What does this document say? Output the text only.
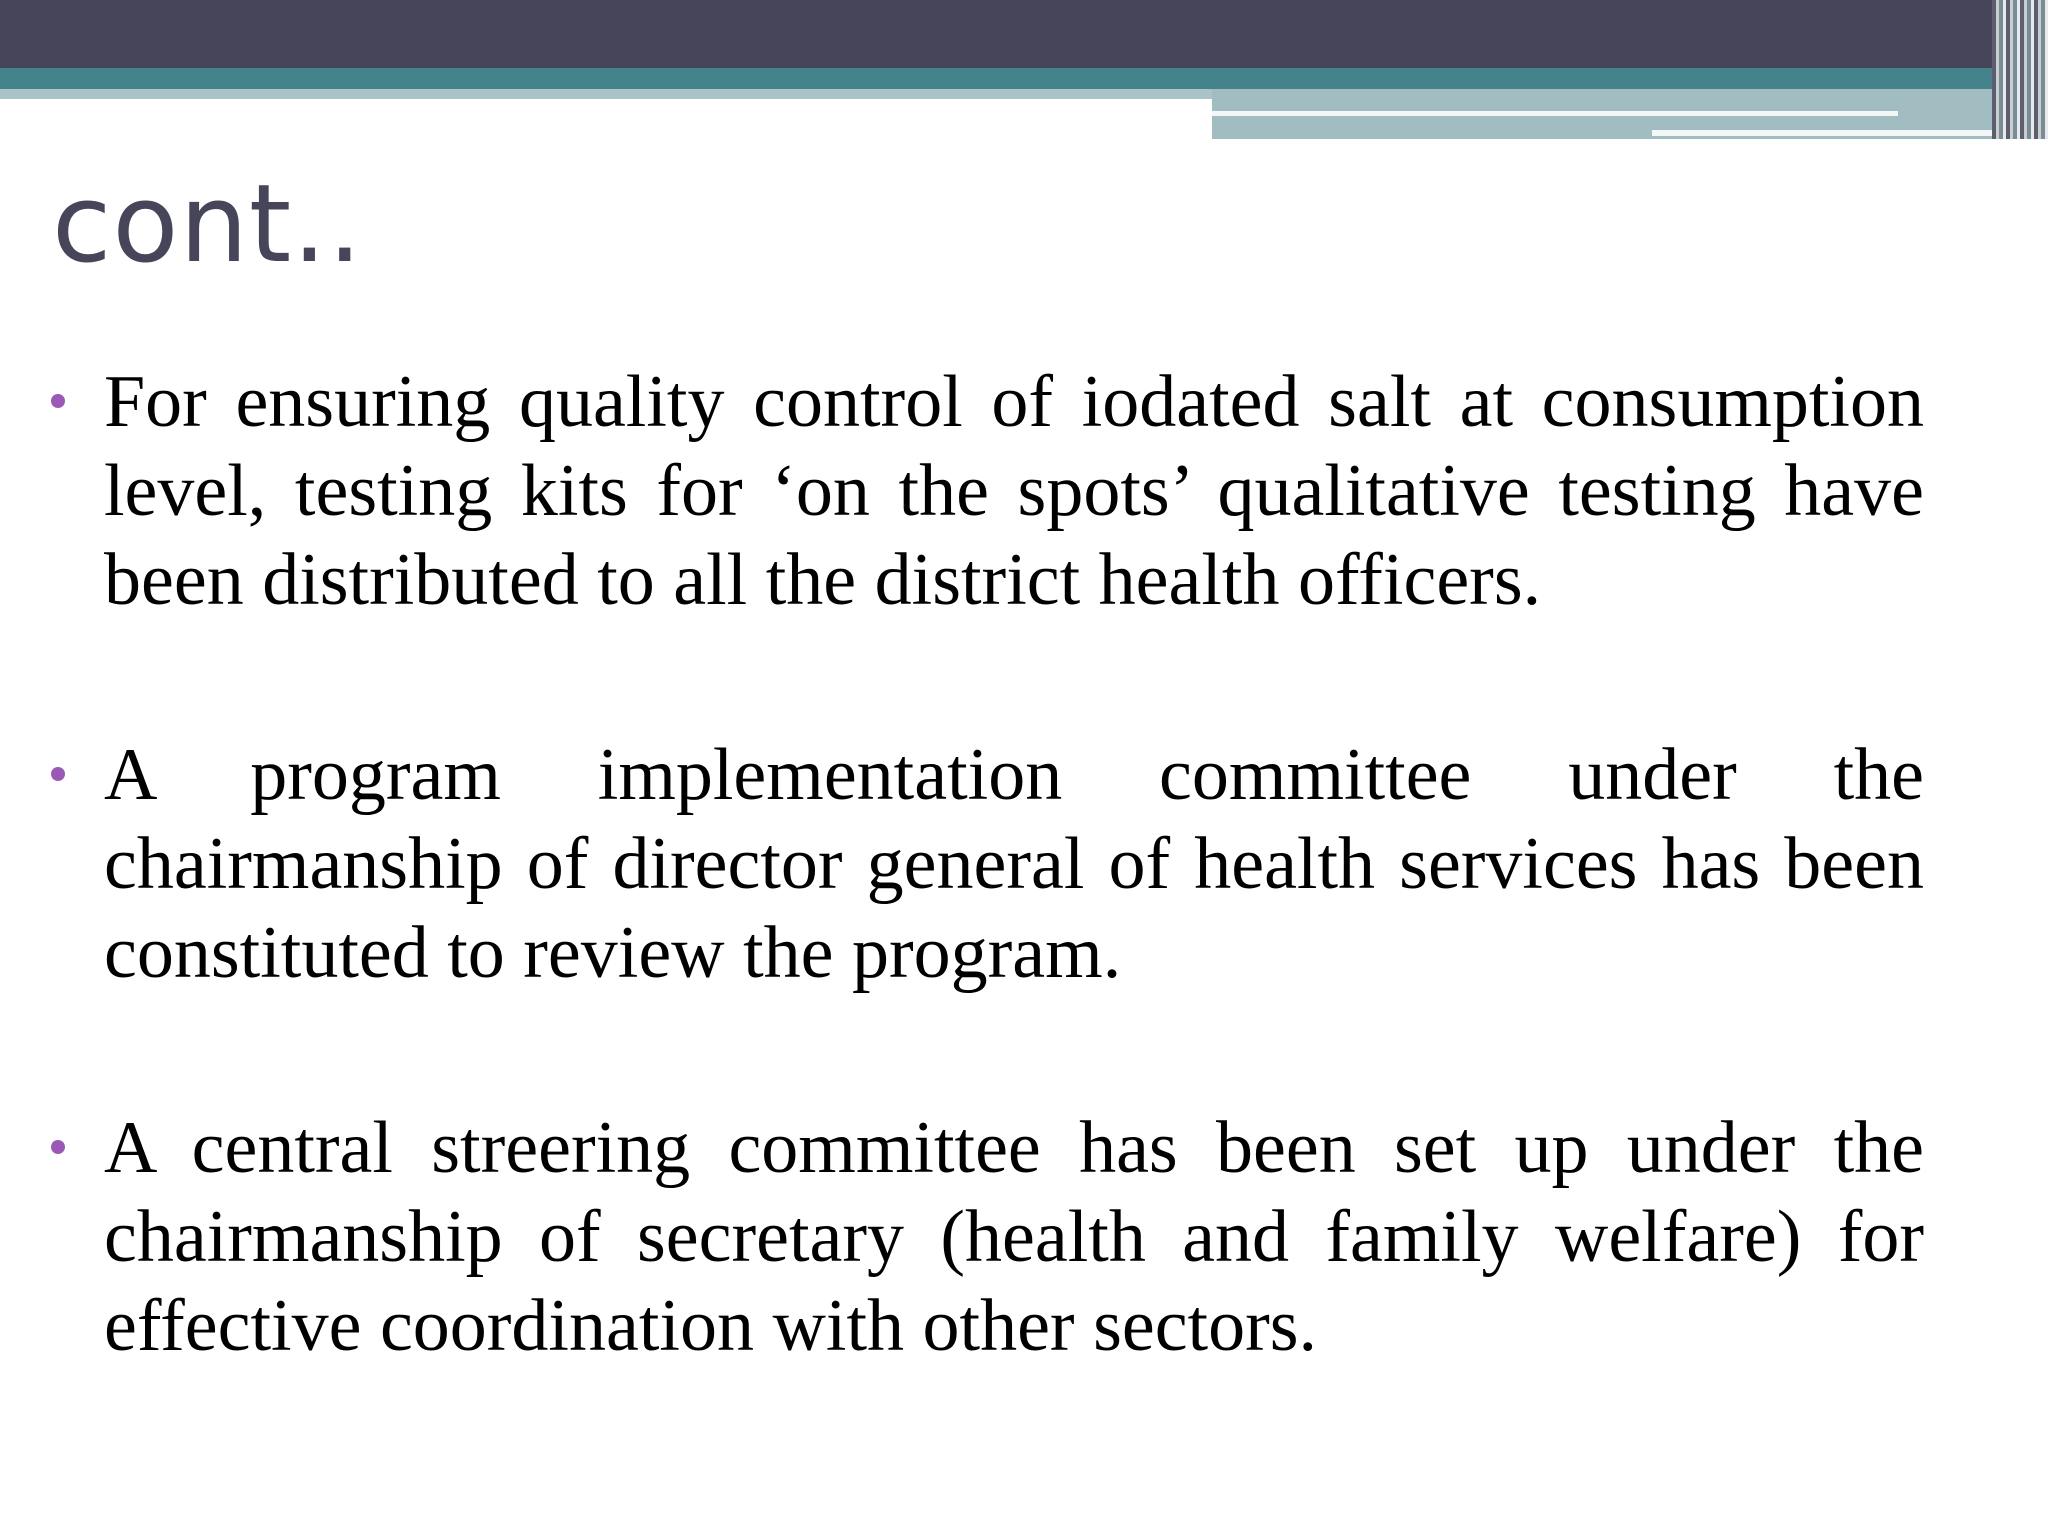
cont..
For ensuring quality control of iodated salt at consumption level, testing kits for ‘on the spots’ qualitative testing have been distributed to all the district health officers.
A program implementation committee under the chairmanship of director general of health services has been constituted to review the program.
A central streering committee has been set up under the chairmanship of secretary (health and family welfare) for effective coordination with other sectors.
